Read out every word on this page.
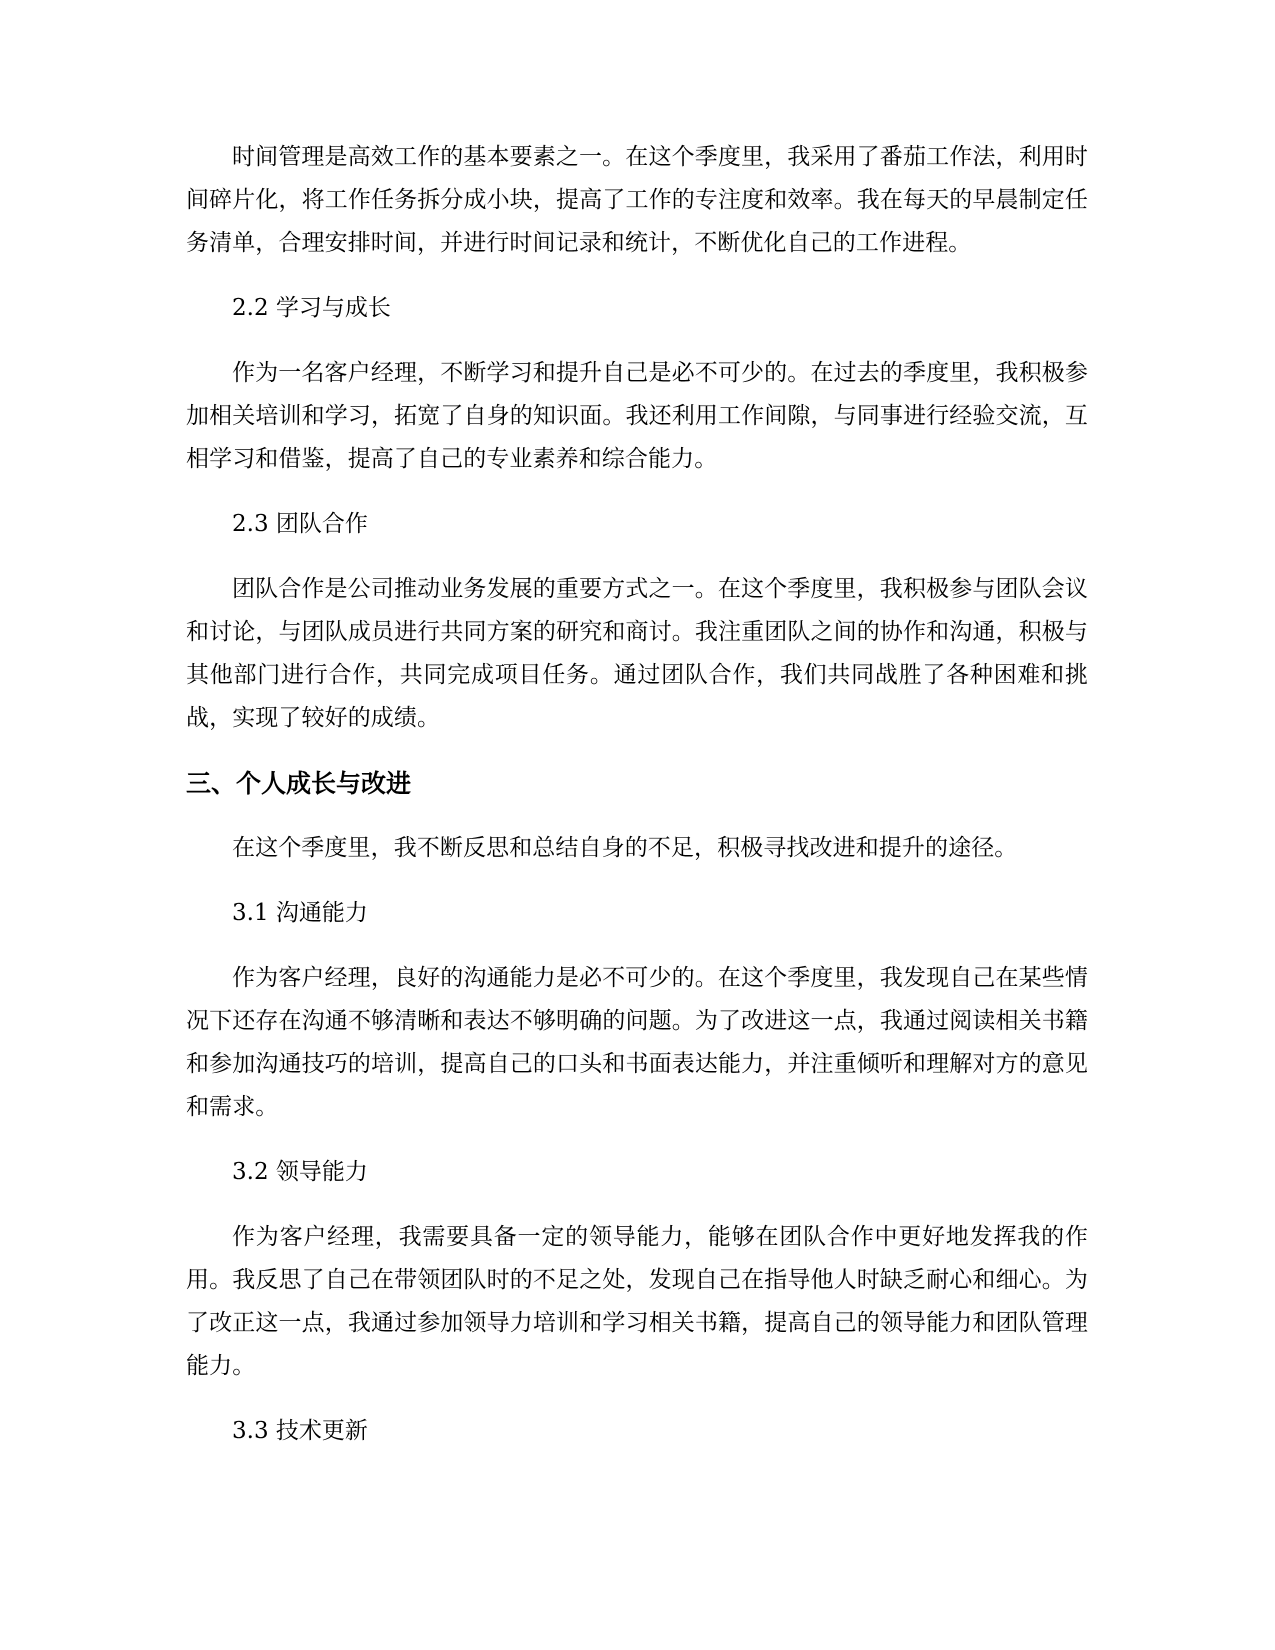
时间管理是高效工作的基本要素之一。在这个季度里，我采用了番茄工作法，利用时间碎片化，将工作任务拆分成小块，提高了工作的专注度和效率。我在每天的早晨制定任务清单，合理安排时间，并进行时间记录和统计，不断优化自己的工作进程。

2.2 学习与成长

作为一名客户经理，不断学习和提升自己是必不可少的。在过去的季度里，我积极参加相关培训和学习，拓宽了自身的知识面。我还利用工作间隙，与同事进行经验交流，互相学习和借鉴，提高了自己的专业素养和综合能力。

2.3 团队合作

团队合作是公司推动业务发展的重要方式之一。在这个季度里，我积极参与团队会议和讨论，与团队成员进行共同方案的研究和商讨。我注重团队之间的协作和沟通，积极与其他部门进行合作，共同完成项目任务。通过团队合作，我们共同战胜了各种困难和挑战，实现了较好的成绩。

三、个人成长与改进

在这个季度里，我不断反思和总结自身的不足，积极寻找改进和提升的途径。

3.1 沟通能力

作为客户经理，良好的沟通能力是必不可少的。在这个季度里，我发现自己在某些情况下还存在沟通不够清晰和表达不够明确的问题。为了改进这一点，我通过阅读相关书籍和参加沟通技巧的培训，提高自己的口头和书面表达能力，并注重倾听和理解对方的意见和需求。

3.2 领导能力

作为客户经理，我需要具备一定的领导能力，能够在团队合作中更好地发挥我的作用。我反思了自己在带领团队时的不足之处，发现自己在指导他人时缺乏耐心和细心。为了改正这一点，我通过参加领导力培训和学习相关书籍，提高自己的领导能力和团队管理能力。

3.3 技术更新
